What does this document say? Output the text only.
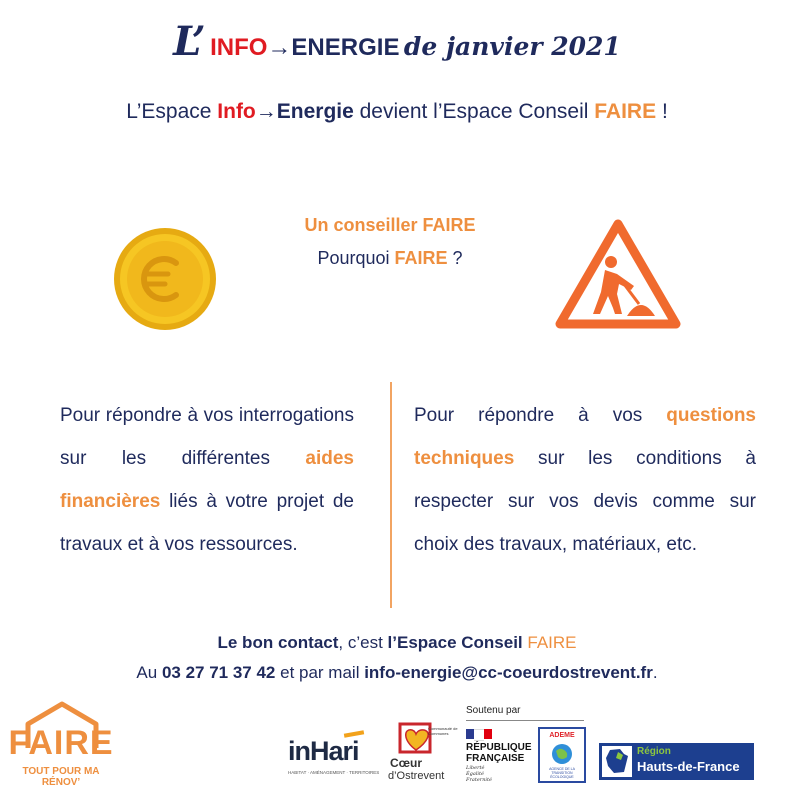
L’ INFO→ENERGIE de janvier 2021
L’Espace Info→Energie devient l’Espace Conseil FAIRE !
Un conseiller FAIRE
Pourquoi FAIRE ?
Pour répondre à vos interrogations sur les différentes aides financières liés à votre projet de travaux et à vos ressources.
Pour répondre à vos questions techniques sur les conditions à respecter sur vos devis comme sur choix des travaux, matériaux, etc.
Le bon contact, c’est l’Espace Conseil FAIRE
Au 03 27 71 37 42 et par mail info-energie@cc-coeurdostrevent.fr.
FAIRE
TOUT POUR MA RÉNOV’
inHari
HABITAT · AMÉNAGEMENT · TERRITOIRES
Communauté de Communes
Cœur
d’Ostrevent
Soutenu par
RÉPUBLIQUE
FRANÇAISE
Liberté
Égalité
Fraternité
ADEME
AGENCE DE LA TRANSITION ÉCOLOGIQUE
Région
Hauts-de-France
